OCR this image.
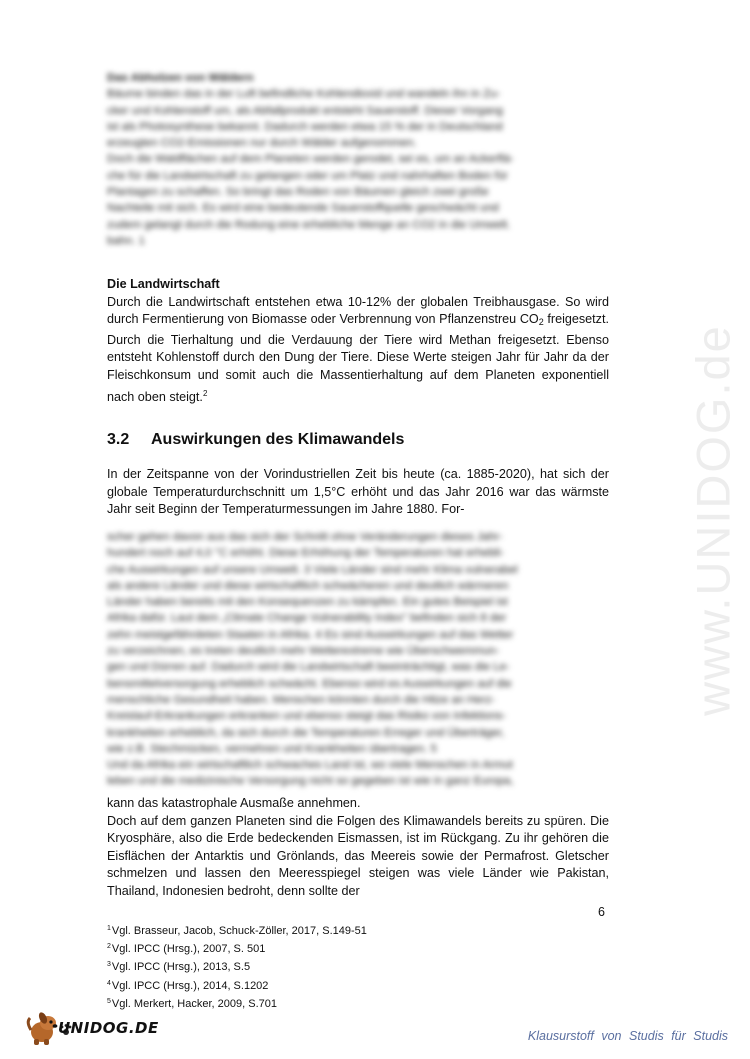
www.UNIDOG.de
Das Abholzen von Wäldern
Bäume binden das in der Luft befindliche Kohlendioxid und wandeln ihn in Zu-
cker und Kohlenstoff um, als Abfallprodukt entsteht Sauerstoff. Dieser Vorgang
ist als Photosynthese bekannt. Dadurch werden etwa 15 % der in Deutschland
erzeugten CO2-Emissionen nur durch Wälder aufgenommen.
Doch die Waldflächen auf dem Planeten werden gerodet, sei es, um an Ackerflä-
che für die Landwirtschaft zu gelangen oder um Platz und nahrhaften Boden für
Plantagen zu schaffen. So bringt das Roden von Bäumen gleich zwei große
Nachteile mit sich. Es wird eine bedeutende Sauerstoffquelle geschwächt und
zudem gelangt durch die Rodung eine erhebliche Menge an CO2 in die Umwelt.
bahn. 1
Die Landwirtschaft

Durch die Landwirtschaft entstehen etwa 10-12% der globalen Treibhausgase. So wird durch Fermentierung von Biomasse oder Verbrennung von Pflanzenstreu $CO_2$ freigesetzt. Durch die Tierhaltung und die Verdauung der Tiere wird Methan freigesetzt. Ebenso entsteht Kohlenstoff durch den Dung der Tiere. Diese Werte steigen Jahr für Jahr da der Fleischkonsum und somit auch die Massentierhaltung auf dem Planeten exponentiell nach oben steigt.$^2$

3.2 Auswirkungen des Klimawandels

In der Zeitspanne von der Vorindustriellen Zeit bis heute (ca. 1885-2020), hat sich der globale Temperaturdurchschnitt um 1,5°C erhöht und das Jahr 2016 war das wärmste Jahr seit Beginn der Temperaturmessungen im Jahre 1880. For-

scher gehen davon aus das sich der Schnitt ohne Veränderungen dieses Jahr-
hundert noch auf 4,0 °C erhöht. Diese Erhöhung der Temperaturen hat erhebli-
che Auswirkungen auf unsere Umwelt. 3 Viele Länder sind mehr Klima vulnerabel
als andere Länder und diese wirtschaftlich schwächeren und deutlich wärmeren
Länder haben bereits mit den Konsequenzen zu kämpfen. Ein gutes Beispiel ist
Afrika dafür. Laut dem „Climate Change Vulnerability Index" befinden sich 8 der
zehn meistgefährdeten Staaten in Afrika. 4 Es sind Auswirkungen auf das Wetter
zu verzeichnen, es treten deutlich mehr Wetterextreme wie Überschwemmun-
gen und Dürren auf. Dadurch wird die Landwirtschaft beeinträchtigt, was die Le-
bensmittelversorgung erheblich schwächt. Ebenso wird es Auswirkungen auf die
menschliche Gesundheit haben. Menschen könnten durch die Hitze an Herz-
Kreislauf-Erkrankungen erkranken und ebenso steigt das Risiko von Infektions-
krankheiten erheblich, da sich durch die Temperaturen Erreger und Überträger,
wie z.B. Stechmücken, vermehren und Krankheiten übertragen. 5
Und da Afrika ein wirtschaftlich schwaches Land ist, wo viele Menschen in Armut
leben und die medizinische Versorgung nicht so gegeben ist wie in ganz Europa,

kann das katastrophale Ausmaße annehmen.

Doch auf dem ganzen Planeten sind die Folgen des Klimawandels bereits zu spüren. Die Kryosphäre, also die Erde bedeckenden Eismassen, ist im Rückgang. Zu ihr gehören die Eisflächen der Antarktis und Grönlands, das Meereis sowie der Permafrost. Gletscher schmelzen und lassen den Meeresspiegel steigen was viele Länder wie Pakistan, Thailand, Indonesien bedroht, denn sollte der

6
$^1$Vgl. Brasseur, Jacob, Schuck-Zöller, 2017, S.149-51
$^2$Vgl. IPCC (Hrsg.), 2007, S. 501
$^3$Vgl. IPCC (Hrsg.), 2013, S.5
$^4$Vgl. IPCC (Hrsg.), 2014, S.1202
$^5$Vgl. Merkert, Hacker, 2009, S.701
UNIDOG.DE	Klausurstoff von Studis für Studis
